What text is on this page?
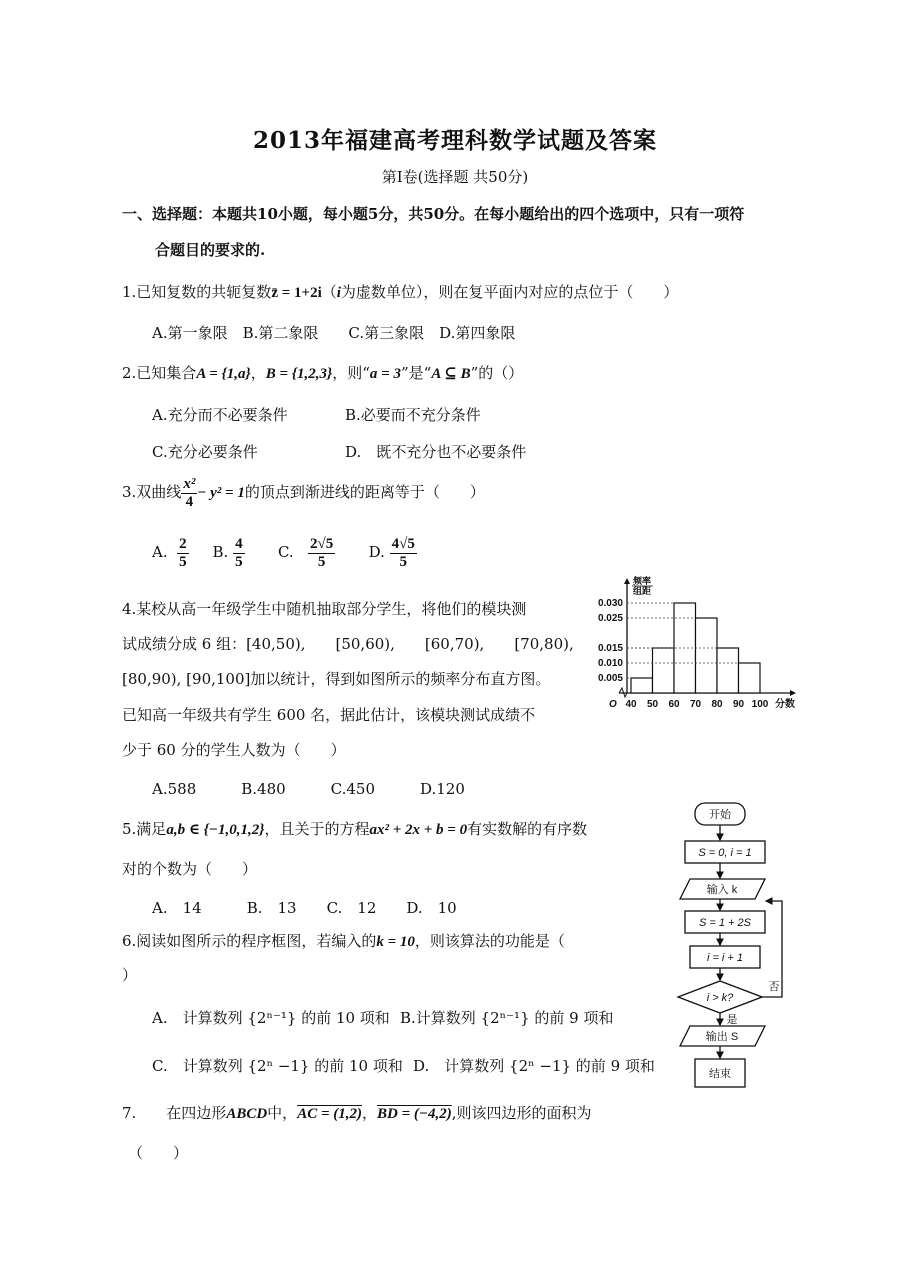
2013年福建高考理科数学试题及答案
第Ⅰ卷(选择题 共50分)
一、选择题：本题共10小题，每小题5分，共50分。在每小题给出的四个选项中，只有一项符
合题目的要求的.
1.已知复数的共轭复数z̄ = 1+2i（i为虚数单位），则在复平面内对应的点位于（　　）
A.第一象限　B.第二象限　　C.第三象限　D.第四象限
2.已知集合A = {1,a}，B = {1,2,3}，则“a = 3”是“A ⊆ B”的（）
A.充分而不必要条件	B.必要而不充分条件
C.充分必要条件	D.　既不充分也不必要条件
3.双曲线 $\frac{\text{x²}}{4} - y^2 = 1$的顶点到渐进线的距离等于（　　）
A. $\frac{2}{5} B$. $\frac{4}{5} C$. $\frac{2√5}{5} D$. $\frac{4√5}{5}$
4.某校从高一年级学生中随机抽取部分学生，将他们的模块测
试成绩分成 6 组：[40,50),　　[50,60),　　[60,70),　　[70,80),
[80,90), [90,100]加以统计，得到如图所示的频率分布直方图。
已知高一年级共有学生 600 名，据此估计，该模块测试成绩不
少于 60 分的学生人数为（　　）
A.588　　　B.480　　　C.450　　　D.120
频率
组距
0.030
0.025
0.015
0.010
0.005
40 50 60 70 80 90 100 分数
O
5.满足a,b ∈ {−1,0,1,2}，且关于的方程ax² + 2x + b = 0有实数解的有序数
对的个数为（　　）
A.　14　　　B.　13　　C.　12　　D.　10
6.阅读如图所示的程序框图，若编入的k = 10，则该算法的功能是（
）
A.　计算数列 {2ⁿ⁻¹} 的前 10 项和 B.计算数列 {2ⁿ⁻¹} 的前 9 项和
C.　计算数列 {2ⁿ −1} 的前 10 项和 D.　计算数列 {2ⁿ −1} 的前 9 项和
7.　　在四边形ABCD中，AC = (1,2)，BD = (−4,2),则该四边形的面积为
（　　）
开始
S = 0, i = 1
输入 k
S = 1 + 2S
i = i + 1
i > k?
是
否
输出 S
结束
